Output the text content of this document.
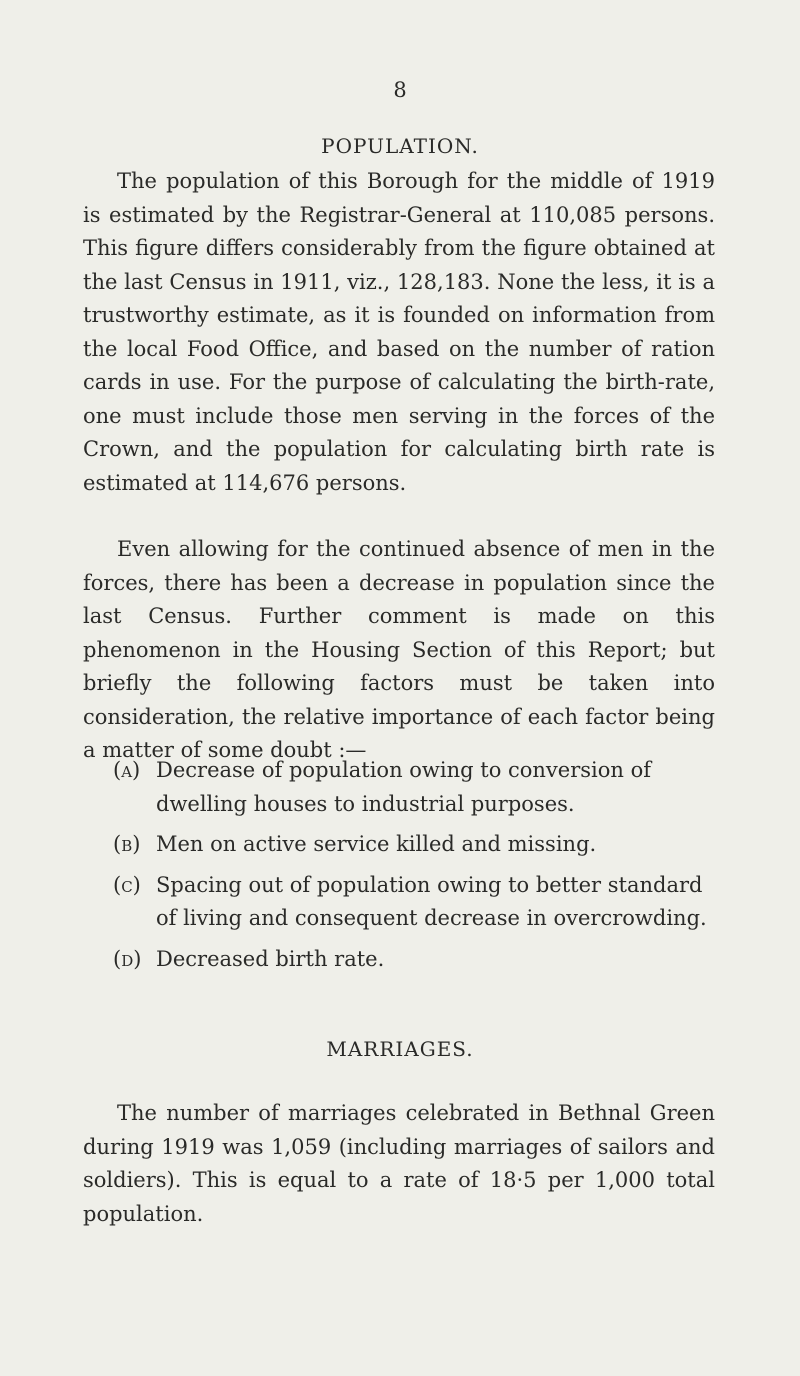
8
POPULATION.

The population of this Borough for the middle of 1919 is estimated by the Registrar-General at 110,085 persons. This figure differs considerably from the figure obtained at the last Census in 1911, viz., 128,183. None the less, it is a trustworthy estimate, as it is founded on information from the local Food Office, and based on the number of ration cards in use. For the purpose of calculating the birth-rate, one must include those men serving in the forces of the Crown, and the population for calculating birth rate is estimated at 114,676 persons.

Even allowing for the continued absence of men in the forces, there has been a decrease in population since the last Census. Further comment is made on this phenomenon in the Housing Section of this Report; but briefly the following factors must be taken into consideration, the relative importance of each factor being a matter of some doubt :—

(a) Decrease of population owing to conversion of dwelling houses to industrial purposes.
(b) Men on active service killed and missing.
(c) Spacing out of population owing to better standard of living and consequent decrease in overcrowding.
(d) Decreased birth rate.
MARRIAGES.

The number of marriages celebrated in Bethnal Green during 1919 was 1,059 (including marriages of sailors and soldiers). This is equal to a rate of 18·5 per 1,000 total population.
